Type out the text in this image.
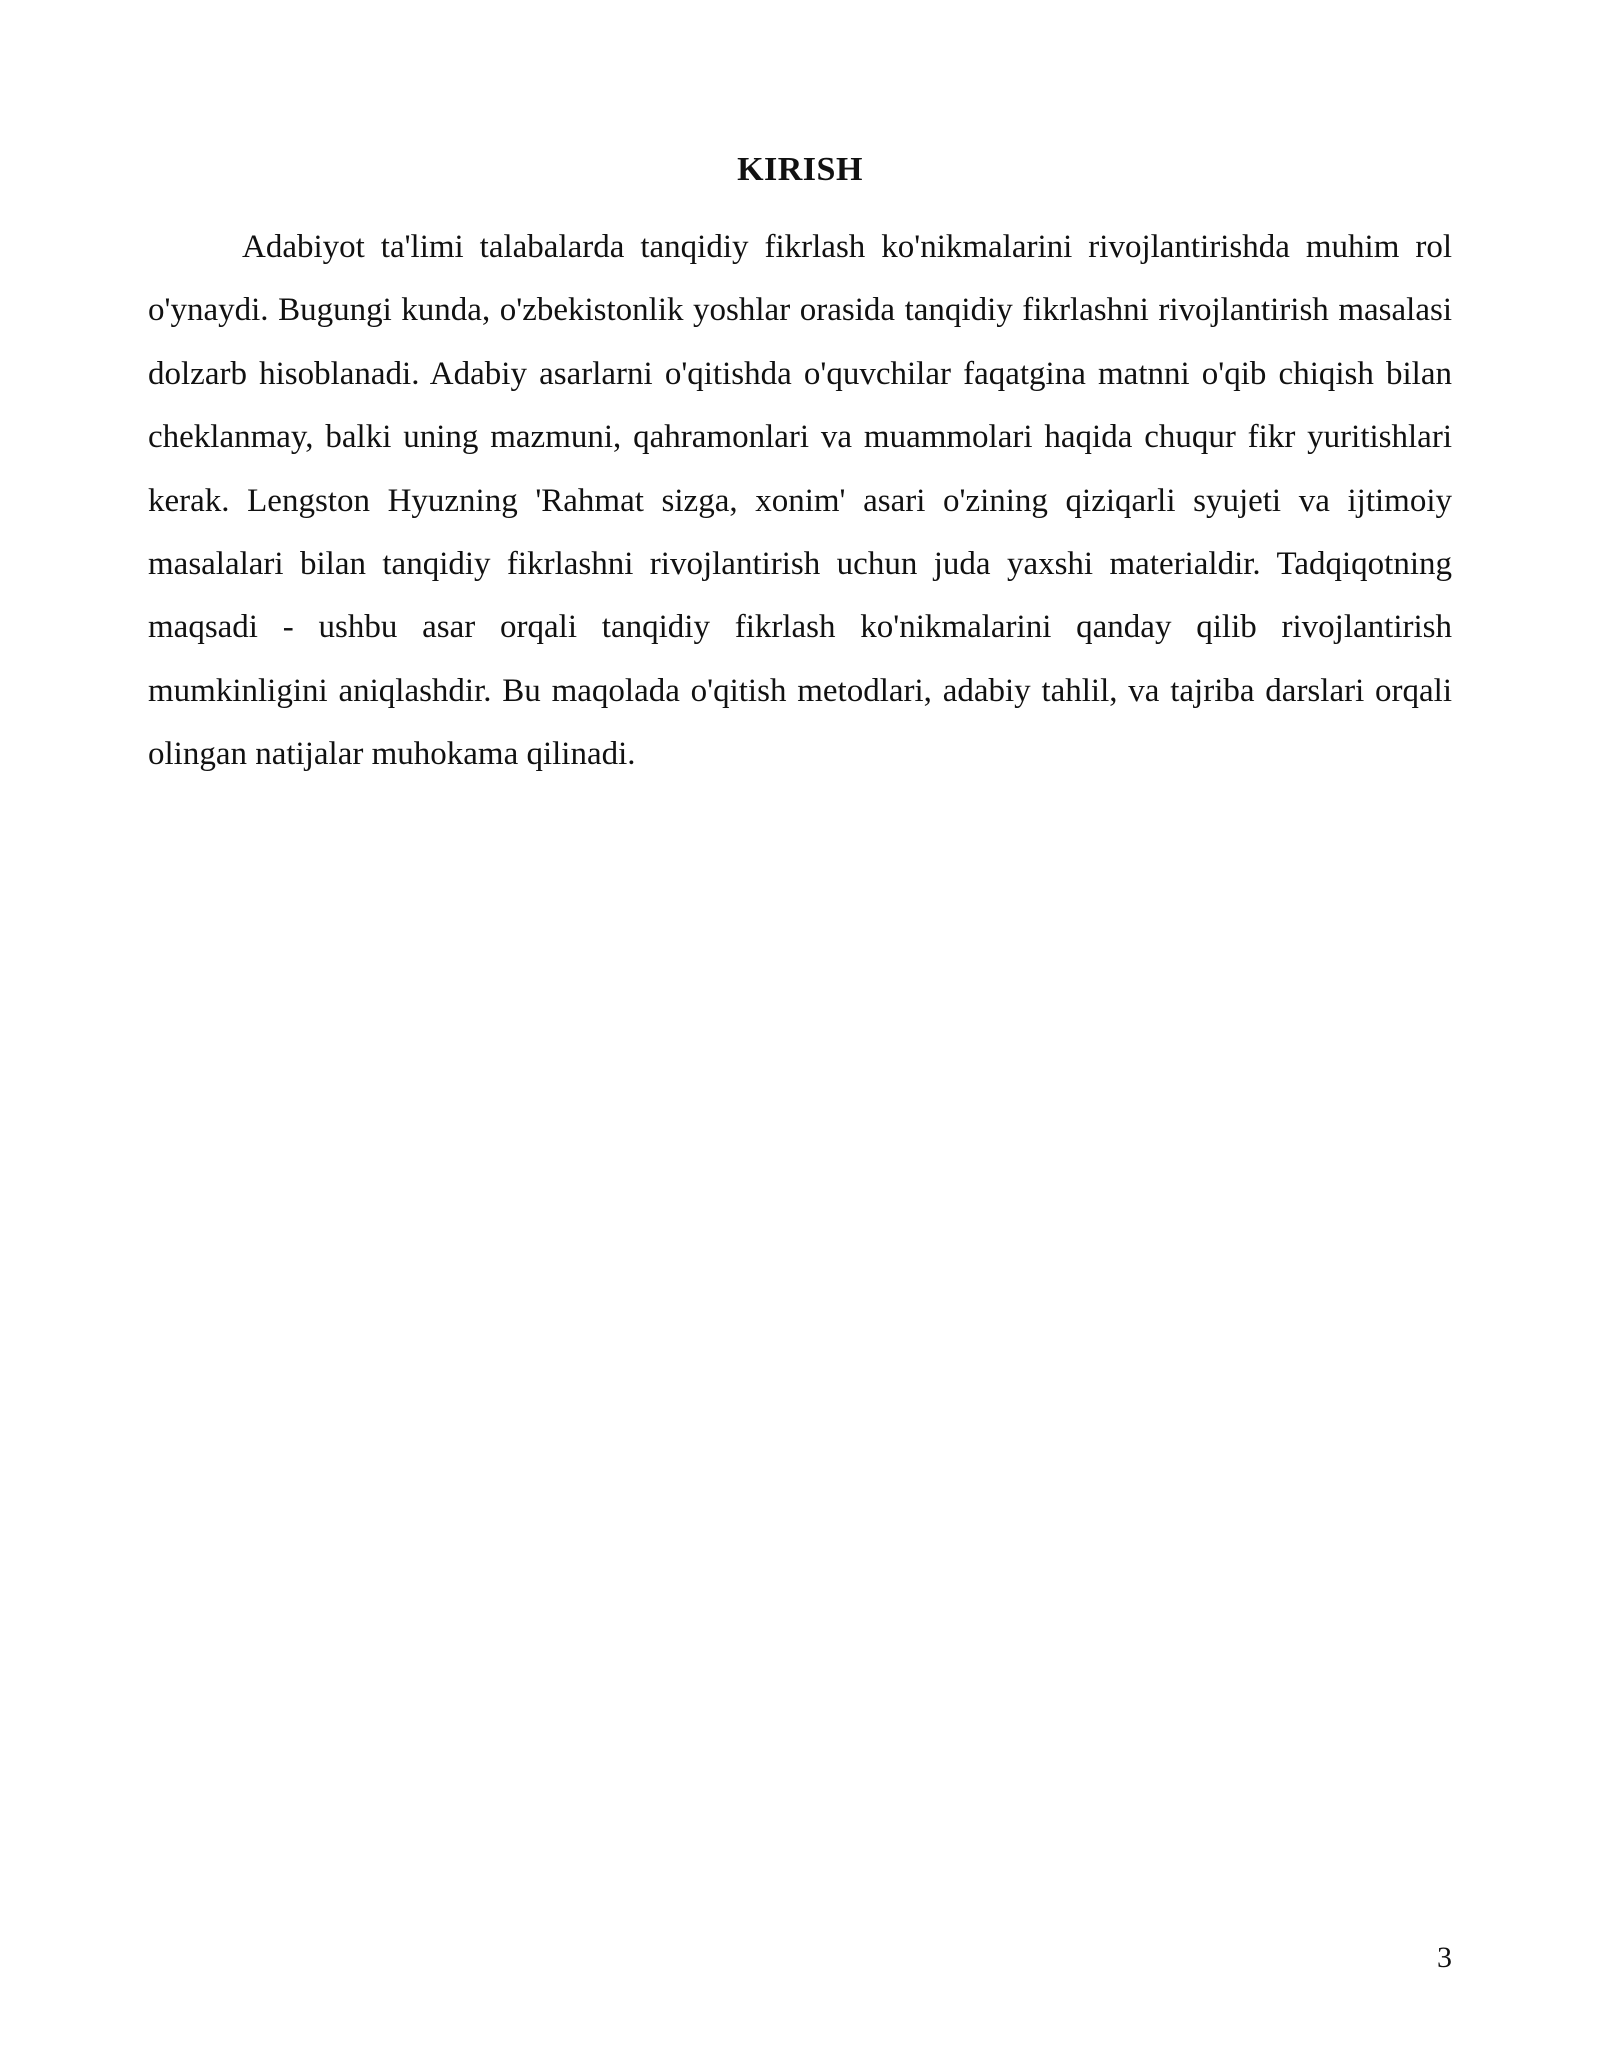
KIRISH

Adabiyot ta'limi talabalarda tanqidiy fikrlash ko'nikmalarini rivojlantirishda muhim rol o'ynaydi. Bugungi kunda, o'zbekistonlik yoshlar orasida tanqidiy fikrlashni rivojlantirish masalasi dolzarb hisoblanadi. Adabiy asarlarni o'qitishda o'quvchilar faqatgina matnni o'qib chiqish bilan cheklanmay, balki uning mazmuni, qahramonlari va muammolari haqida chuqur fikr yuritishlari kerak. Lengston Hyuzning 'Rahmat sizga, xonim' asari o'zining qiziqarli syujeti va ijtimoiy masalalari bilan tanqidiy fikrlashni rivojlantirish uchun juda yaxshi materialdir. Tadqiqotning maqsadi - ushbu asar orqali tanqidiy fikrlash ko'nikmalarini qanday qilib rivojlantirish mumkinligini aniqlashdir. Bu maqolada o'qitish metodlari, adabiy tahlil, va tajriba darslari orqali olingan natijalar muhokama qilinadi.

3
